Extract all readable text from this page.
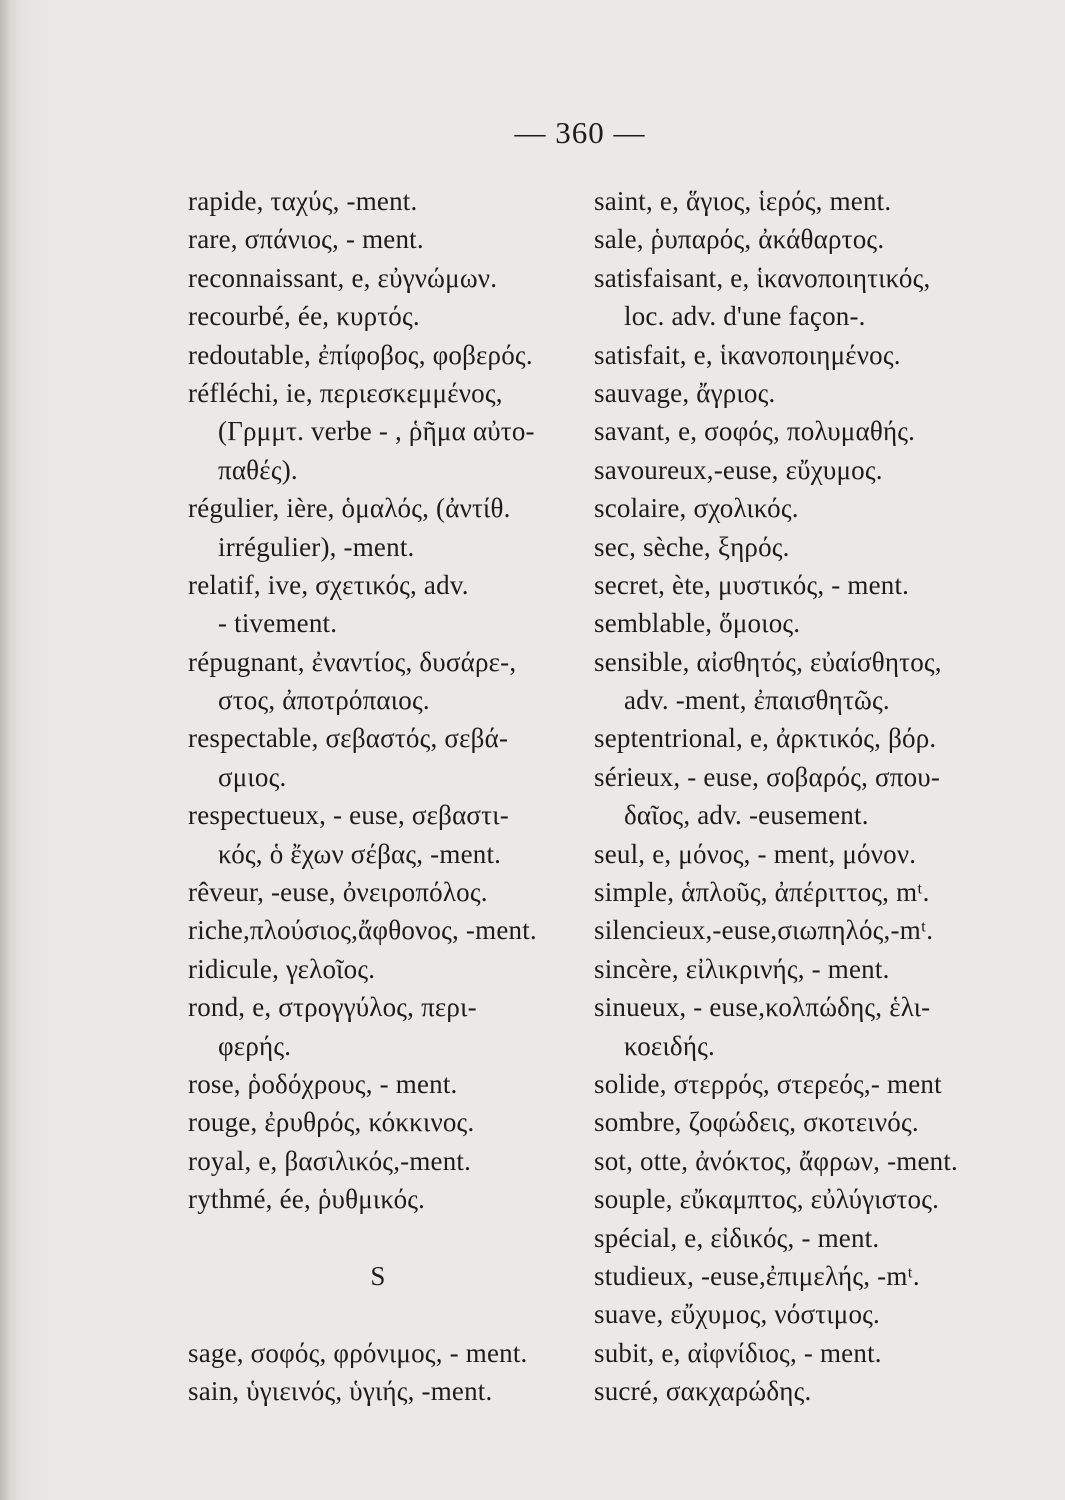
— 360 —
rapide, ταχύς, -ment.
rare, σπάνιος, - ment.
reconnaissant, e, εὐγνώμων.
recourbé, ée, κυρτός.
redoutable, ἐπίφοβος, φοβερός.
réfléchi, ie, περιεσκεμμένος,
(Γρμμτ. verbe - , ῥῆμα αὐτο-
παθές).
régulier, ière, ὁμαλός, (ἀντίθ.
irrégulier), -ment.
relatif, ive, σχετικός, adv.
- tivement.
répugnant, ἐναντίος, δυσάρε-,
στος, ἀποτρόπαιος.
respectable, σεβαστός, σεβά-
σμιος.
respectueux, - euse, σεβαστι-
κός, ὁ ἔχων σέβας, -ment.
rêveur, -euse, ὀνειροπόλος.
riche,πλούσιος,ἄφθονος, -ment.
ridicule, γελοῖος.
rond, e, στρογγύλος, περι-
φερής.
rose, ῥοδόχρους, - ment.
rouge, ἐρυθρός, κόκκινος.
royal, e, βασιλικός,-ment.
rythmé, ée, ῥυθμικός.
S
sage, σοφός, φρόνιμος, - ment.
sain, ὑγιεινός, ὑγιής, -ment.
saint, e, ἅγιος, ἱερός, ment.
sale, ῥυπαρός, ἀκάθαρτος.
satisfaisant, e, ἱκανοποιητικός,
loc. adv. d'une façon-.
satisfait, e, ἱκανοποιημένος.
sauvage, ἄγριος.
savant, e, σοφός, πολυμαθής.
savoureux,-euse, εὔχυμος.
scolaire, σχολικός.
sec, sèche, ξηρός.
secret, ète, μυστικός, - ment.
semblable, ὅμοιος.
sensible, αἰσθητός, εὐαίσθητος,
adv. -ment, ἐπαισθητῶς.
septentrional, e, ἀρκτικός, βόρ.
sérieux, - euse, σοβαρός, σπου-
δαῖος, adv. -eusement.
seul, e, μόνος, - ment, μόνον.
simple, ἁπλοῦς, ἀπέριττος, mᵗ.
silencieux,-euse,σιωπηλός,-mᵗ.
sincère, εἰλικρινής, - ment.
sinueux, - euse,κολπώδης, ἑλι-
κοειδής.
solide, στερρός, στερεός,- ment
sombre, ζοφώδεις, σκοτεινός.
sot, otte, ἀνόκτος, ἄφρων, -ment.
souple, εὔκαμπτος, εὐλύγιστος.
spécial, e, εἰδικός, - ment.
studieux, -euse,ἐπιμελής, -mᵗ.
suave, εὔχυμος, νόστιμος.
subit, e, αἰφνίδιος, - ment.
sucré, σακχαρώδης.
